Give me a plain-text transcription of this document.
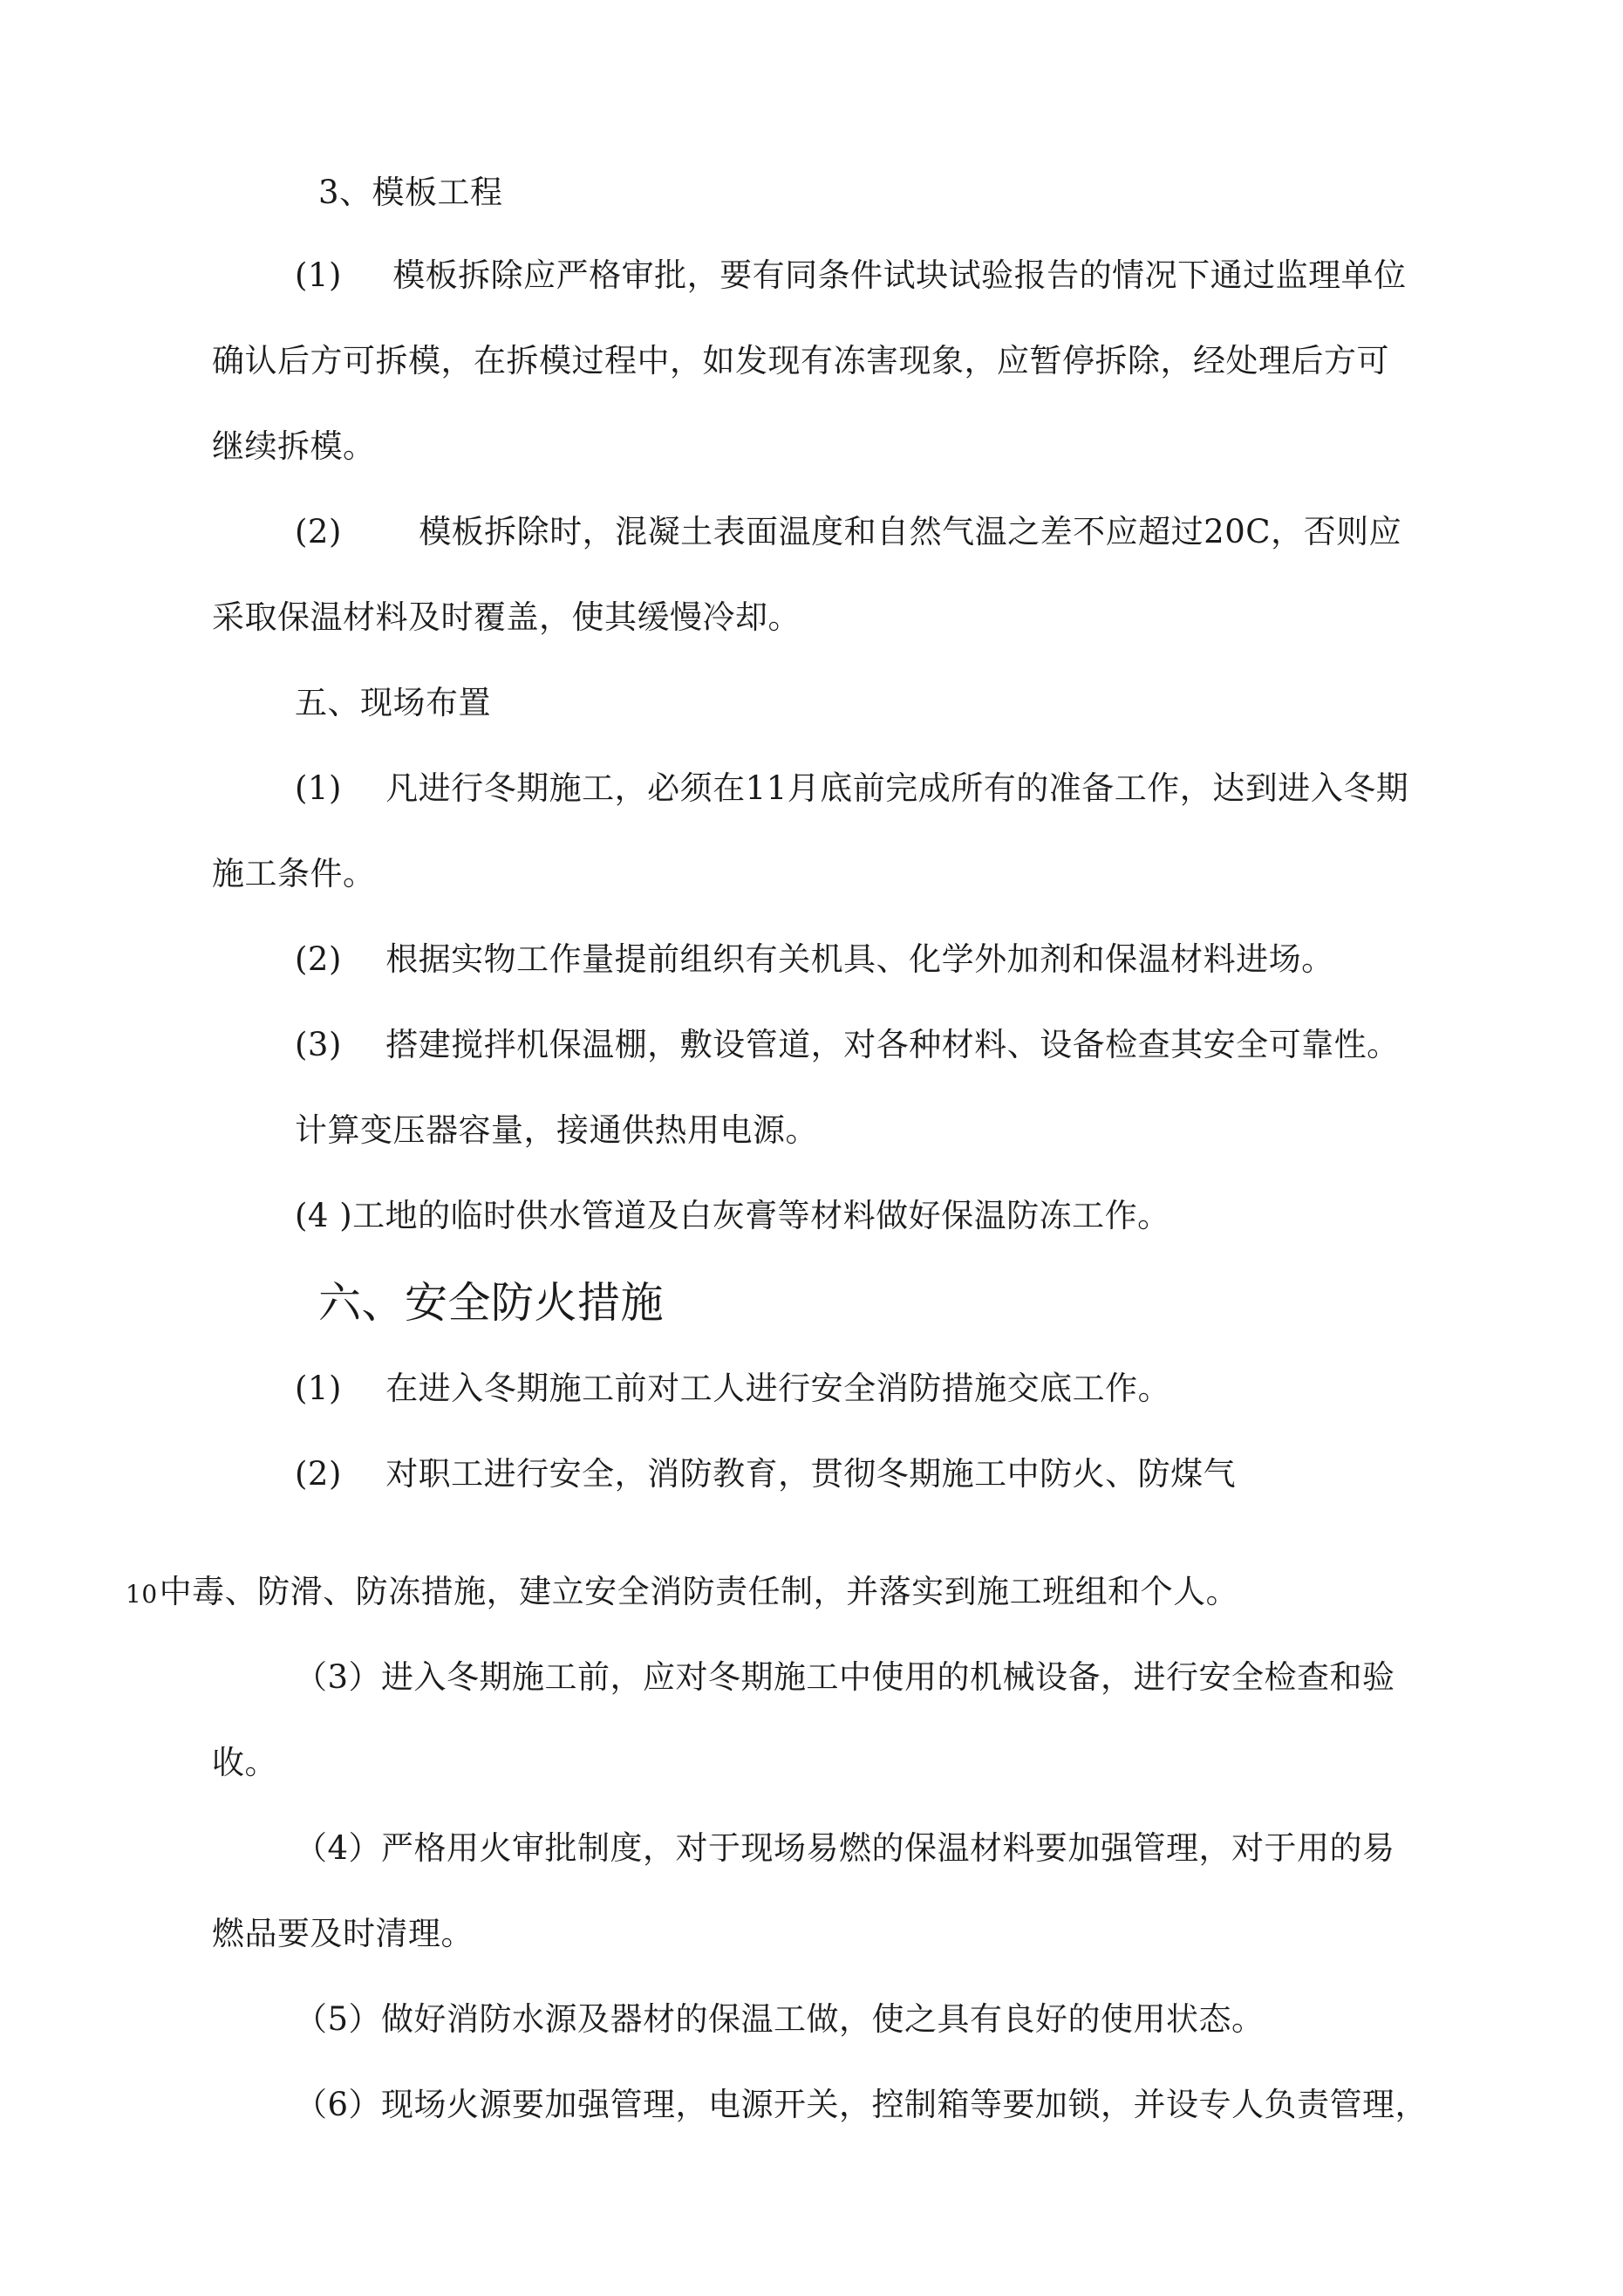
3、模板工程
(1) 模板拆除应严格审批，要有同条件试块试验报告的情况下通过监理单位
确认后方可拆模，在拆模过程中，如发现有冻害现象，应暂停拆除，经处理后方可
继续拆模。
(2) 模板拆除时，混凝土表面温度和自然气温之差不应超过20C，否则应
采取保温材料及时覆盖，使其缓慢冷却。
五、现场布置
(1) 凡进行冬期施工，必须在11月底前完成所有的准备工作，达到进入冬期
施工条件。
(2) 根据实物工作量提前组织有关机具、化学外加剂和保温材料进场。
(3) 搭建搅拌机保温棚，敷设管道，对各种材料、设备检查其安全可靠性。
计算变压器容量，接通供热用电源。
(4 )工地的临时供水管道及白灰膏等材料做好保温防冻工作。
六、安全防火措施
(1) 在进入冬期施工前对工人进行安全消防措施交底工作。
(2) 对职工进行安全，消防教育，贯彻冬期施工中防火、防煤气
10中毒、防滑、防冻措施，建立安全消防责任制，并落实到施工班组和个人。
（3）进入冬期施工前，应对冬期施工中使用的机械设备，进行安全检查和验
收。
（4）严格用火审批制度，对于现场易燃的保温材料要加强管理，对于用的易
燃品要及时清理。
（5）做好消防水源及器材的保温工做，使之具有良好的使用状态。
（6）现场火源要加强管理，电源开关，控制箱等要加锁，并设专人负责管理，
